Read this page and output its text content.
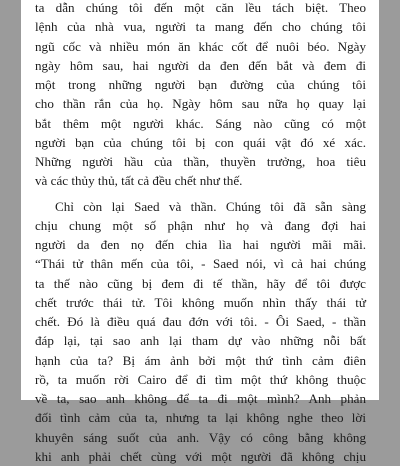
ta dẫn chúng tôi đến một căn lều tách biệt. Theo
lệnh của nhà vua, người ta mang đến cho chúng tôi
ngũ cốc và nhiều món ăn khác cốt để nuôi béo. Ngày
ngày hôm sau, hai người da đen đến bắt và đem đi
một trong những người bạn đường của chúng tôi
cho thần rắn của họ. Ngày hôm sau nữa họ quay lại
bắt thêm một người khác. Sáng nào cũng có một
người bạn của chúng tôi bị con quái vật đó xé xác.
Những người hầu của thần, thuyền trưởng, hoa tiêu
và các thủy thủ, tất cả đều chết như thế.

Chỉ còn lại Saed và thần. Chúng tôi đã sẵn sàng
chịu chung một số phận như họ và đang đợi hai
người da đen nọ đến chia lìa hai người mãi mãi.
“Thái tử thân mến của tôi, - Saed nói, vì cả hai chúng
ta thế nào cũng bị đem đi tế thần, hãy để tôi được
chết trước thái tử. Tôi không muốn nhìn thấy thái tử
chết. Đó là điều quá đau đớn với tôi. - Ôi Saed, - thần
đáp lại, tại sao anh lại tham dự vào những nỗi bất
hạnh của ta? Bị ám ảnh bởi một thứ tình cảm điên
rồ, ta muốn rời Cairo để đi tìm một thứ không thuộc
về ta, sao anh không để ta đi một mình? Anh phản
đối tình cảm của ta, nhưng ta lại không nghe theo lời
khuyên sáng suốt của anh. Vậy có công bằng không
khi anh phải chết cùng với một người đã không chịu
